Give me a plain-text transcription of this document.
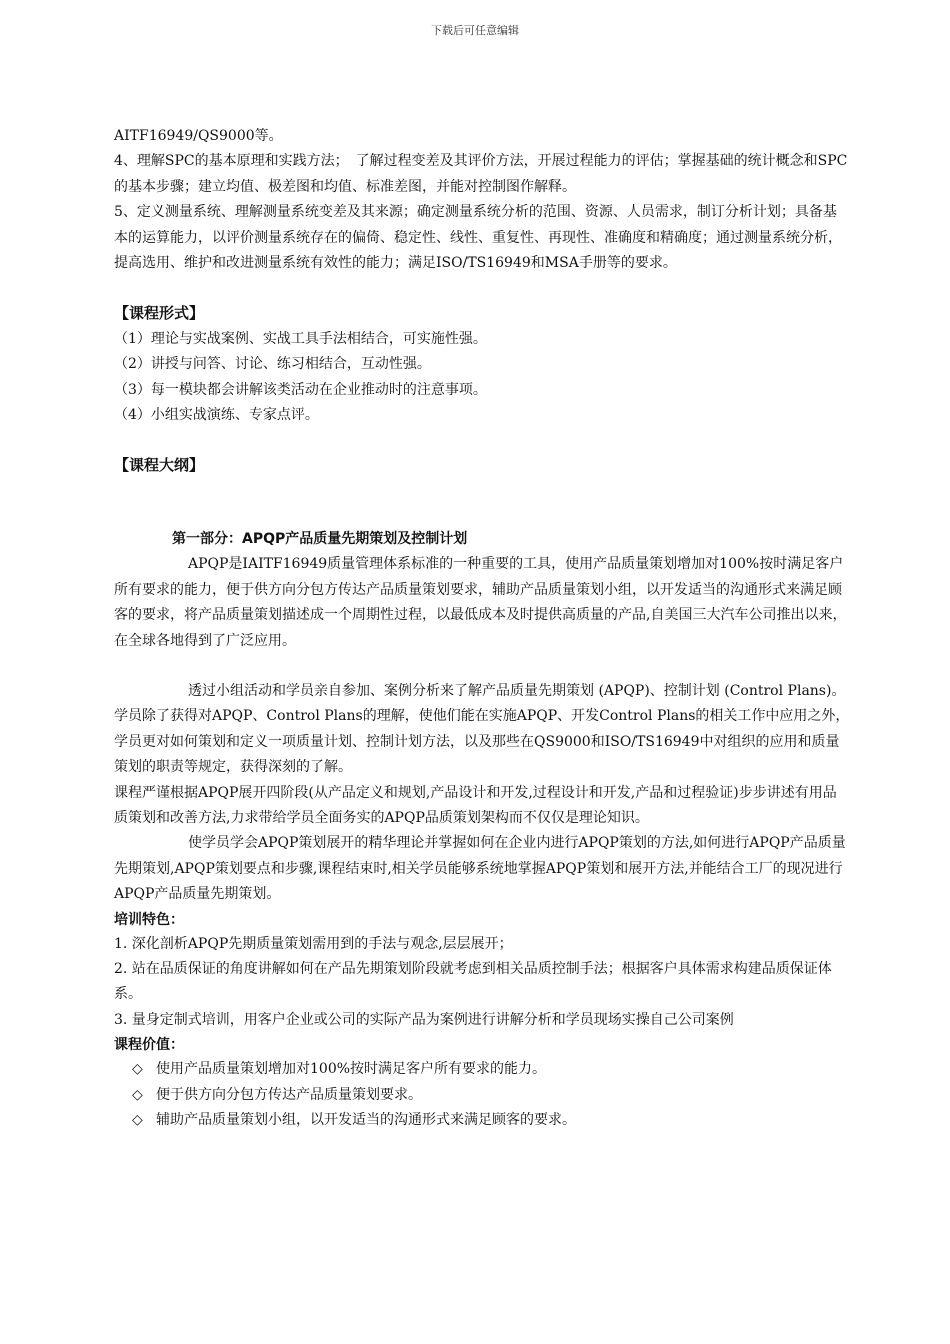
下载后可任意编辑

AITF16949/QS9000等。

4、理解SPC的基本原理和实践方法；　了解过程变差及其评价方法，开展过程能力的评估；掌握基础的统计概念和SPC的基本步骤；建立均值、极差图和均值、标准差图，并能对控制图作解释。

5、定义测量系统、理解测量系统变差及其来源；确定测量系统分析的范围、资源、人员需求，制订分析计划；具备基本的运算能力，以评价测量系统存在的偏倚、稳定性、线性、重复性、再现性、准确度和精确度；通过测量系统分析，提高选用、维护和改进测量系统有效性的能力；满足ISO/TS16949和MSA手册等的要求。

【课程形式】

（1）理论与实战案例、实战工具手法相结合，可实施性强。

（2）讲授与问答、讨论、练习相结合，互动性强。

（3）每一模块都会讲解该类活动在企业推动时的注意事项。

（4）小组实战演练、专家点评。

【课程大纲】

第一部分：APQP产品质量先期策划及控制计划

APQP是IAITF16949质量管理体系标准的一种重要的工具，使用产品质量策划增加对100%按时满足客户所有要求的能力，便于供方向分包方传达产品质量策划要求，辅助产品质量策划小组，以开发适当的沟通形式来满足顾客的要求，将产品质量策划描述成一个周期性过程，以最低成本及时提供高质量的产品,自美国三大汽车公司推出以来，在全球各地得到了广泛应用。

透过小组活动和学员亲自参加、案例分析来了解产品质量先期策划 (APQP)、控制计划 (Control Plans)。学员除了获得对APQP、Control Plans的理解，使他们能在实施APQP、开发Control Plans的相关工作中应用之外，学员更对如何策划和定义一项质量计划、控制计划方法，以及那些在QS9000和ISO/TS16949中对组织的应用和质量策划的职责等规定，获得深刻的了解。

课程严谨根据APQP展开四阶段(从产品定义和规划,产品设计和开发,过程设计和开发,产品和过程验证)步步讲述有用品质策划和改善方法,力求带给学员全面务实的APQP品质策划架构而不仅仅是理论知识。

使学员学会APQP策划展开的精华理论并掌握如何在企业内进行APQP策划的方法,如何进行APQP产品质量先期策划,APQP策划要点和步骤,课程结束时,相关学员能够系统地掌握APQP策划和展开方法,并能结合工厂的现况进行APQP产品质量先期策划。

培训特色：

1. 深化剖析APQP先期质量策划需用到的手法与观念,层层展开；

2. 站在品质保证的角度讲解如何在产品先期策划阶段就考虑到相关品质控制手法；根据客户具体需求构建品质保证体系。

3. 量身定制式培训，用客户企业或公司的实际产品为案例进行讲解分析和学员现场实操自己公司案例

课程价值：

◇ 使用产品质量策划增加对100%按时满足客户所有要求的能力。

◇ 便于供方向分包方传达产品质量策划要求。

◇ 辅助产品质量策划小组，以开发适当的沟通形式来满足顾客的要求。
